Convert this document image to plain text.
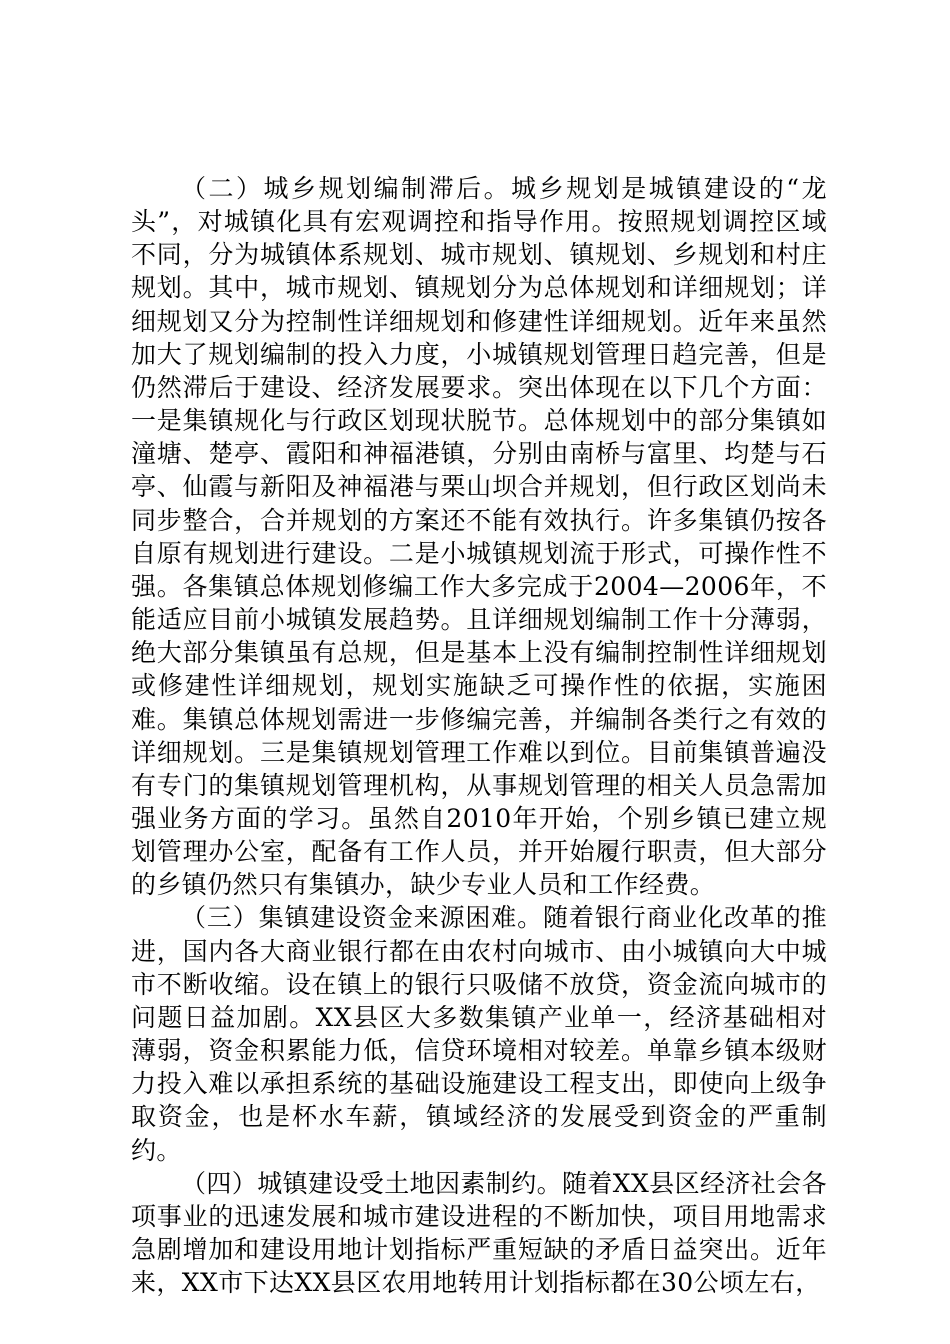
（二）城乡规划编制滞后。城乡规划是城镇建设的“龙头”，对城镇化具有宏观调控和指导作用。按照规划调控区域不同，分为城镇体系规划、城市规划、镇规划、乡规划和村庄规划。其中，城市规划、镇规划分为总体规划和详细规划；详细规划又分为控制性详细规划和修建性详细规划。近年来虽然加大了规划编制的投入力度，小城镇规划管理日趋完善，但是仍然滞后于建设、经济发展要求。突出体现在以下几个方面：一是集镇规化与行政区划现状脱节。总体规划中的部分集镇如潼塘、楚亭、霞阳和神福港镇，分别由南桥与富里、均楚与石亭、仙霞与新阳及神福港与栗山坝合并规划，但行政区划尚未同步整合，合并规划的方案还不能有效执行。许多集镇仍按各自原有规划进行建设。二是小城镇规划流于形式，可操作性不强。各集镇总体规划修编工作大多完成于2004—2006年，不能适应目前小城镇发展趋势。且详细规划编制工作十分薄弱，绝大部分集镇虽有总规，但是基本上没有编制控制性详细规划或修建性详细规划，规划实施缺乏可操作性的依据，实施困难。集镇总体规划需进一步修编完善，并编制各类行之有效的详细规划。三是集镇规划管理工作难以到位。目前集镇普遍没有专门的集镇规划管理机构，从事规划管理的相关人员急需加强业务方面的学习。虽然自2010年开始，个别乡镇已建立规划管理办公室，配备有工作人员，并开始履行职责，但大部分的乡镇仍然只有集镇办，缺少专业人员和工作经费。

（三）集镇建设资金来源困难。随着银行商业化改革的推进，国内各大商业银行都在由农村向城市、由小城镇向大中城市不断收缩。设在镇上的银行只吸储不放贷，资金流向城市的问题日益加剧。XX县区大多数集镇产业单一，经济基础相对薄弱，资金积累能力低，信贷环境相对较差。单靠乡镇本级财力投入难以承担系统的基础设施建设工程支出，即使向上级争取资金，也是杯水车薪，镇域经济的发展受到资金的严重制约。

（四）城镇建设受土地因素制约。随着XX县区经济社会各项事业的迅速发展和城市建设进程的不断加快，项目用地需求急剧增加和建设用地计划指标严重短缺的矛盾日益突出。近年来，XX市下达XX县区农用地转用计划指标都在30公顷左右，
